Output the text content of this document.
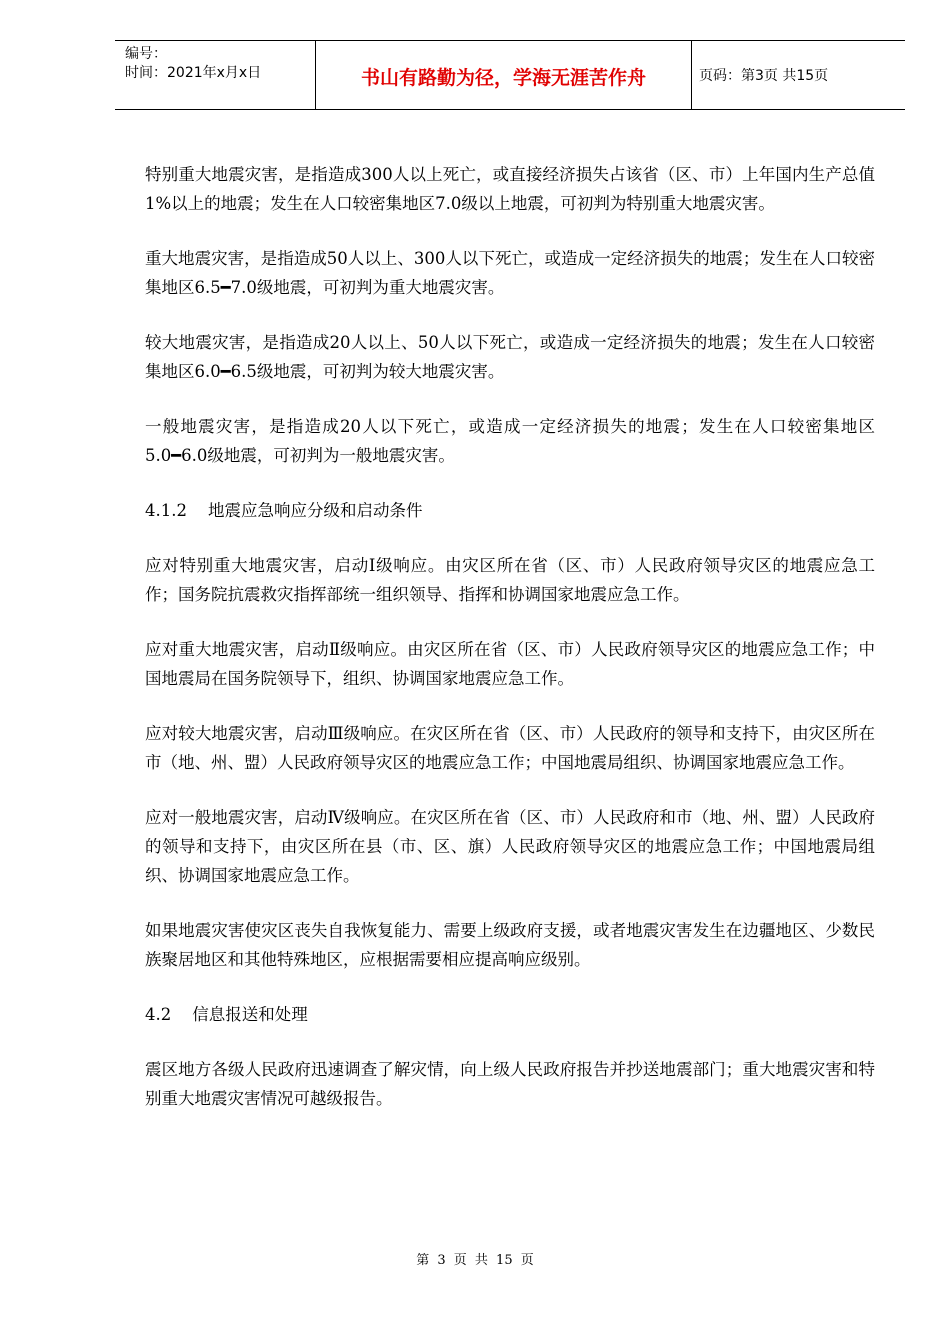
编号：
时间：2021年x月x日	书山有路勤为径，学海无涯苦作舟	页码：第3页 共15页

特别重大地震灾害，是指造成300人以上死亡，或直接经济损失占该省（区、市）上年国内生产总值1%以上的地震；发生在人口较密集地区7.0级以上地震，可初判为特别重大地震灾害。

重大地震灾害，是指造成50人以上、300人以下死亡，或造成一定经济损失的地震；发生在人口较密集地区6.5━7.0级地震，可初判为重大地震灾害。

较大地震灾害，是指造成20人以上、50人以下死亡，或造成一定经济损失的地震；发生在人口较密集地区6.0━6.5级地震，可初判为较大地震灾害。

一般地震灾害，是指造成20人以下死亡，或造成一定经济损失的地震；发生在人口较密集地区5.0━6.0级地震，可初判为一般地震灾害。

4.1.2    地震应急响应分级和启动条件

应对特别重大地震灾害，启动Ⅰ级响应。由灾区所在省（区、市）人民政府领导灾区的地震应急工作；国务院抗震救灾指挥部统一组织领导、指挥和协调国家地震应急工作。

应对重大地震灾害，启动Ⅱ级响应。由灾区所在省（区、市）人民政府领导灾区的地震应急工作；中国地震局在国务院领导下，组织、协调国家地震应急工作。

应对较大地震灾害，启动Ⅲ级响应。在灾区所在省（区、市）人民政府的领导和支持下，由灾区所在市（地、州、盟）人民政府领导灾区的地震应急工作；中国地震局组织、协调国家地震应急工作。

应对一般地震灾害，启动Ⅳ级响应。在灾区所在省（区、市）人民政府和市（地、州、盟）人民政府的领导和支持下，由灾区所在县（市、区、旗）人民政府领导灾区的地震应急工作；中国地震局组织、协调国家地震应急工作。

如果地震灾害使灾区丧失自我恢复能力、需要上级政府支援，或者地震灾害发生在边疆地区、少数民族聚居地区和其他特殊地区，应根据需要相应提高响应级别。

4.2    信息报送和处理

震区地方各级人民政府迅速调查了解灾情，向上级人民政府报告并抄送地震部门；重大地震灾害和特别重大地震灾害情况可越级报告。

第 3 页 共 15 页
